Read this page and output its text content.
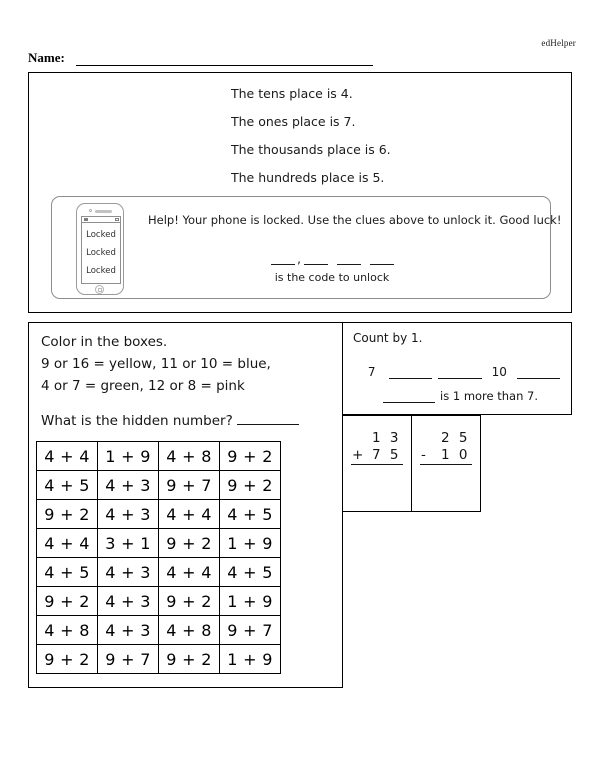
edHelper
Name:
The tens place is 4.
The ones place is 7.
The thousands place is 6.
The hundreds place is 5.
Locked
Locked
Locked
Help! Your phone is locked. Use the clues above to unlock it. Good luck!
,
is the code to unlock
Color in the boxes.
9 or 16 = yellow, 11 or 10 = blue,
4 or 7 = green, 12 or 8 = pink
What is the hidden number?
4 + 4 1 + 9 4 + 8 9 + 2
4 + 5 4 + 3 9 + 7 9 + 2
9 + 2 4 + 3 4 + 4 4 + 5
4 + 4 3 + 1 9 + 2 1 + 9
4 + 5 4 + 3 4 + 4 4 + 5
9 + 2 4 + 3 9 + 2 1 + 9
4 + 8 4 + 3 4 + 8 9 + 7
9 + 2 9 + 7 9 + 2 1 + 9
Count by 1.
7	10
is 1 more than 7.
1 3
+ 7 5
2 5
- 1 0
